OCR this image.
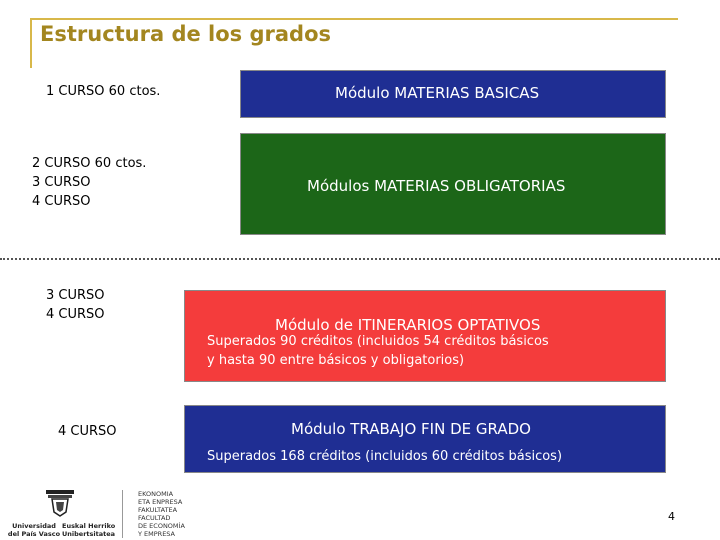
Estructura de los grados
1 CURSO 60 ctos.
2 CURSO 60 ctos.
3 CURSO
4 CURSO
3 CURSO
4 CURSO
4 CURSO
Módulo MATERIAS BASICAS
Módulos MATERIAS OBLIGATORIAS
Módulo de ITINERARIOS OPTATIVOS
Superados 90 créditos (incluidos 54 créditos básicos
y hasta 90 entre básicos y obligatorios)
Módulo TRABAJO FIN DE GRADO
Superados 168 créditos (incluidos 60 créditos básicos)
Universidad
del País Vasco
Euskal Herriko
Unibertsitatea
EKONOMIA
ETA ENPRESA
FAKULTATEA
FACULTAD
DE ECONOMÍA
Y EMPRESA
4
